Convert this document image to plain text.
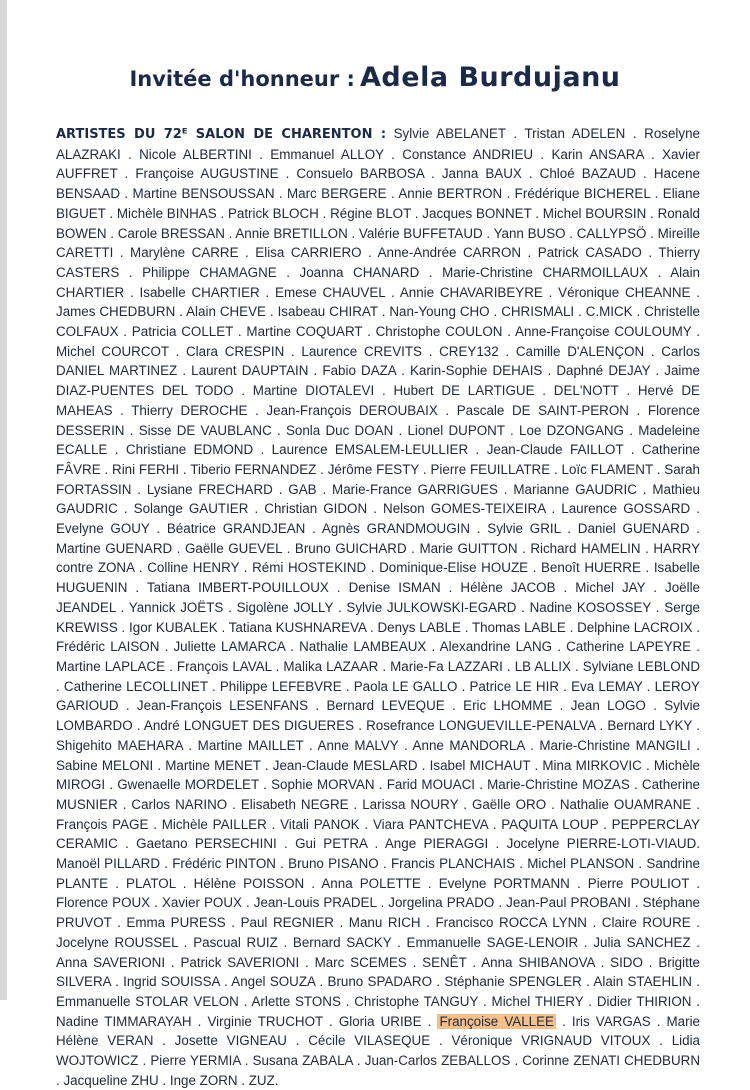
Invitée d'honneur : Adela Burdujanu
ARTISTES DU 72ᴱ SALON DE CHARENTON : Sylvie ABELANET . Tristan ADELEN . Roselyne ALAZRAKI . Nicole ALBERTINI . Emmanuel ALLOY . Constance ANDRIEU . Karin ANSARA . Xavier AUFFRET . Françoise AUGUSTINE . Consuelo BARBOSA . Janna BAUX . Chloé BAZAUD . Hacene BENSAAD . Martine BENSOUSSAN . Marc BERGERE . Annie BERTRON . Frédérique BICHEREL . Eliane BIGUET . Michèle BINHAS . Patrick BLOCH . Régine BLOT . Jacques BONNET . Michel BOURSIN . Ronald BOWEN . Carole BRESSAN . Annie BRETILLON . Valérie BUFFETAUD . Yann BUSO . CALLYPSÖ . Mireille CARETTI . Marylène CARRE . Elisa CARRIERO . Anne-Andrée CARRON . Patrick CASADO . Thierry CASTERS . Philippe CHAMAGNE . Joanna CHANARD . Marie-Christine CHARMOILLAUX . Alain CHARTIER . Isabelle CHARTIER . Emese CHAUVEL . Annie CHAVARIBEYRE . Véronique CHEANNE . James CHEDBURN . Alain CHEVE . Isabeau CHIRAT . Nan-Young CHO . CHRISMALI . C.MICK . Christelle COLFAUX . Patricia COLLET . Martine COQUART . Christophe COULON . Anne-Françoise COULOUMY . Michel COURCOT . Clara CRESPIN . Laurence CREVITS . CREY132 . Camille D'ALENÇON . Carlos DANIEL MARTINEZ . Laurent DAUPTAIN . Fabio DAZA . Karin-Sophie DEHAIS . Daphné DEJAY . Jaime DIAZ-PUENTES DEL TODO . Martine DIOTALEVI . Hubert DE LARTIGUE . DEL'NOTT . Hervé DE MAHEAS . Thierry DEROCHE . Jean-François DEROUBAIX . Pascale DE SAINT-PERON . Florence DESSERIN . Sisse DE VAUBLANC . Sonla Duc DOAN . Lionel DUPONT . Loe DZONGANG . Madeleine ECALLE . Christiane EDMOND . Laurence EMSALEM-LEULLIER . Jean-Claude FAILLOT . Catherine FÂVRE . Rini FERHI . Tiberio FERNANDEZ . Jérôme FESTY . Pierre FEUILLATRE . Loïc FLAMENT . Sarah FORTASSIN . Lysiane FRECHARD . GAB . Marie-France GARRIGUES . Marianne GAUDRIC . Mathieu GAUDRIC . Solange GAUTIER . Christian GIDON . Nelson GOMES-TEIXEIRA . Laurence GOSSARD . Evelyne GOUY . Béatrice GRANDJEAN . Agnès GRANDMOUGIN . Sylvie GRIL . Daniel GUENARD . Martine GUENARD . Gaëlle GUEVEL . Bruno GUICHARD . Marie GUITTON . Richard HAMELIN . HARRY contre ZONA . Colline HENRY . Rémi HOSTEKIND . Dominique-Elise HOUZE . Benoît HUERRE . Isabelle HUGUENIN . Tatiana IMBERT-POUILLOUX . Denise ISMAN . Hélène JACOB . Michel JAY . Joëlle JEANDEL . Yannick JOËTS . Sigolène JOLLY . Sylvie JULKOWSKI-EGARD . Nadine KOSOSSEY . Serge KREWISS . Igor KUBALEK . Tatiana KUSHNAREVA . Denys LABLE . Thomas LABLE . Delphine LACROIX . Frédéric LAISON . Juliette LAMARCA . Nathalie LAMBEAUX . Alexandrine LANG . Catherine LAPEYRE . Martine LAPLACE . François LAVAL . Malika LAZAAR . Marie-Fa LAZZARI . LB ALLIX . Sylviane LEBLOND . Catherine LECOLLINET . Philippe LEFEBVRE . Paola LE GALLO . Patrice LE HIR . Eva LEMAY . LEROY GARIOUD . Jean-François LESENFANS . Bernard LEVEQUE . Eric LHOMME . Jean LOGO . Sylvie LOMBARDO . André LONGUET DES DIGUERES . Rosefrance LONGUEVILLE-PENALVA . Bernard LYKY . Shigehito MAEHARA . Martine MAILLET . Anne MALVY . Anne MANDORLA . Marie-Christine MANGILI . Sabine MELONI . Martine MENET . Jean-Claude MESLARD . Isabel MICHAUT . Mina MIRKOVIC . Michèle MIROGI . Gwenaelle MORDELET . Sophie MORVAN . Farid MOUACI . Marie-Christine MOZAS . Catherine MUSNIER . Carlos NARINO . Elisabeth NEGRE . Larissa NOURY . Gaëlle ORO . Nathalie OUAMRANE . François PAGE . Michèle PAILLER . Vitali PANOK . Viara PANTCHEVA . PAQUITA LOUP . PEPPERCLAY CERAMIC . Gaetano PERSECHINI . Gui PETRA . Ange PIERAGGI . Jocelyne PIERRE-LOTI-VIAUD. Manoël PILLARD . Frédéric PINTON . Bruno PISANO . Francis PLANCHAIS . Michel PLANSON . Sandrine PLANTE . PLATOL . Hélène POISSON . Anna POLETTE . Evelyne PORTMANN . Pierre POULIOT . Florence POUX . Xavier POUX . Jean-Louis PRADEL . Jorgelina PRADO . Jean-Paul PROBANI . Stéphane PRUVOT . Emma PURESS . Paul REGNIER . Manu RICH . Francisco ROCCA LYNN . Claire ROURE . Jocelyne ROUSSEL . Pascual RUIZ . Bernard SACKY . Emmanuelle SAGE-LENOIR . Julia SANCHEZ . Anna SAVERIONI . Patrick SAVERIONI . Marc SCEMES . SENÊT . Anna SHIBANOVA . SIDO . Brigitte SILVERA . Ingrid SOUISSA . Angel SOUZA . Bruno SPADARO . Stéphanie SPENGLER . Alain STAEHLIN . Emmanuelle STOLAR VELON . Arlette STONS . Christophe TANGUY . Michel THIERY . Didier THIRION . Nadine TIMMARAYAH . Virginie TRUCHOT . Gloria URIBE . Françoise VALLEE . Iris VARGAS . Marie Hélène VERAN . Josette VIGNEAU . Cécile VILASEQUE . Véronique VRIGNAUD VITOUX . Lidia WOJTOWICZ . Pierre YERMIA . Susana ZABALA . Juan-Carlos ZEBALLOS . Corinne ZENATI CHEDBURN . Jacqueline ZHU . Inge ZORN . ZUZ.
